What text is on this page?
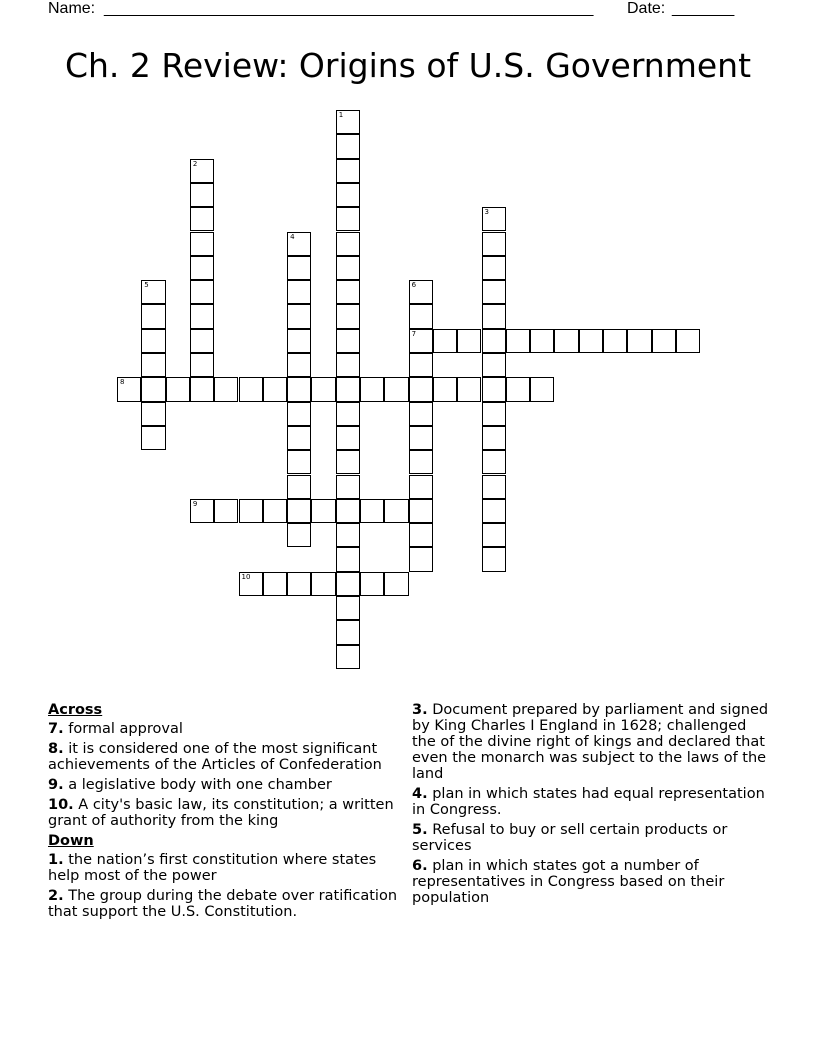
Name: _______________________________________________________ Date: _______
Ch. 2 Review: Origins of U.S. Government
1
2
3
4
5	6
7
8
9
10
Across
7. formal approval
8. it is considered one of the most significant achievements of the Articles of Confederation
9. a legislative body with one chamber
10. A city's basic law, its constitution; a written grant of authority from the king
Down
1. the nation’s first constitution where states help most of the power
2. The group during the debate over ratification that support the U.S. Constitution.
3. Document prepared by parliament and signed by King Charles I England in 1628; challenged the of the divine right of kings and declared that even the monarch was subject to the laws of the land
4. plan in which states had equal representation in Congress.
5. Refusal to buy or sell certain products or services
6. plan in which states got a number of representatives in Congress based on their population
